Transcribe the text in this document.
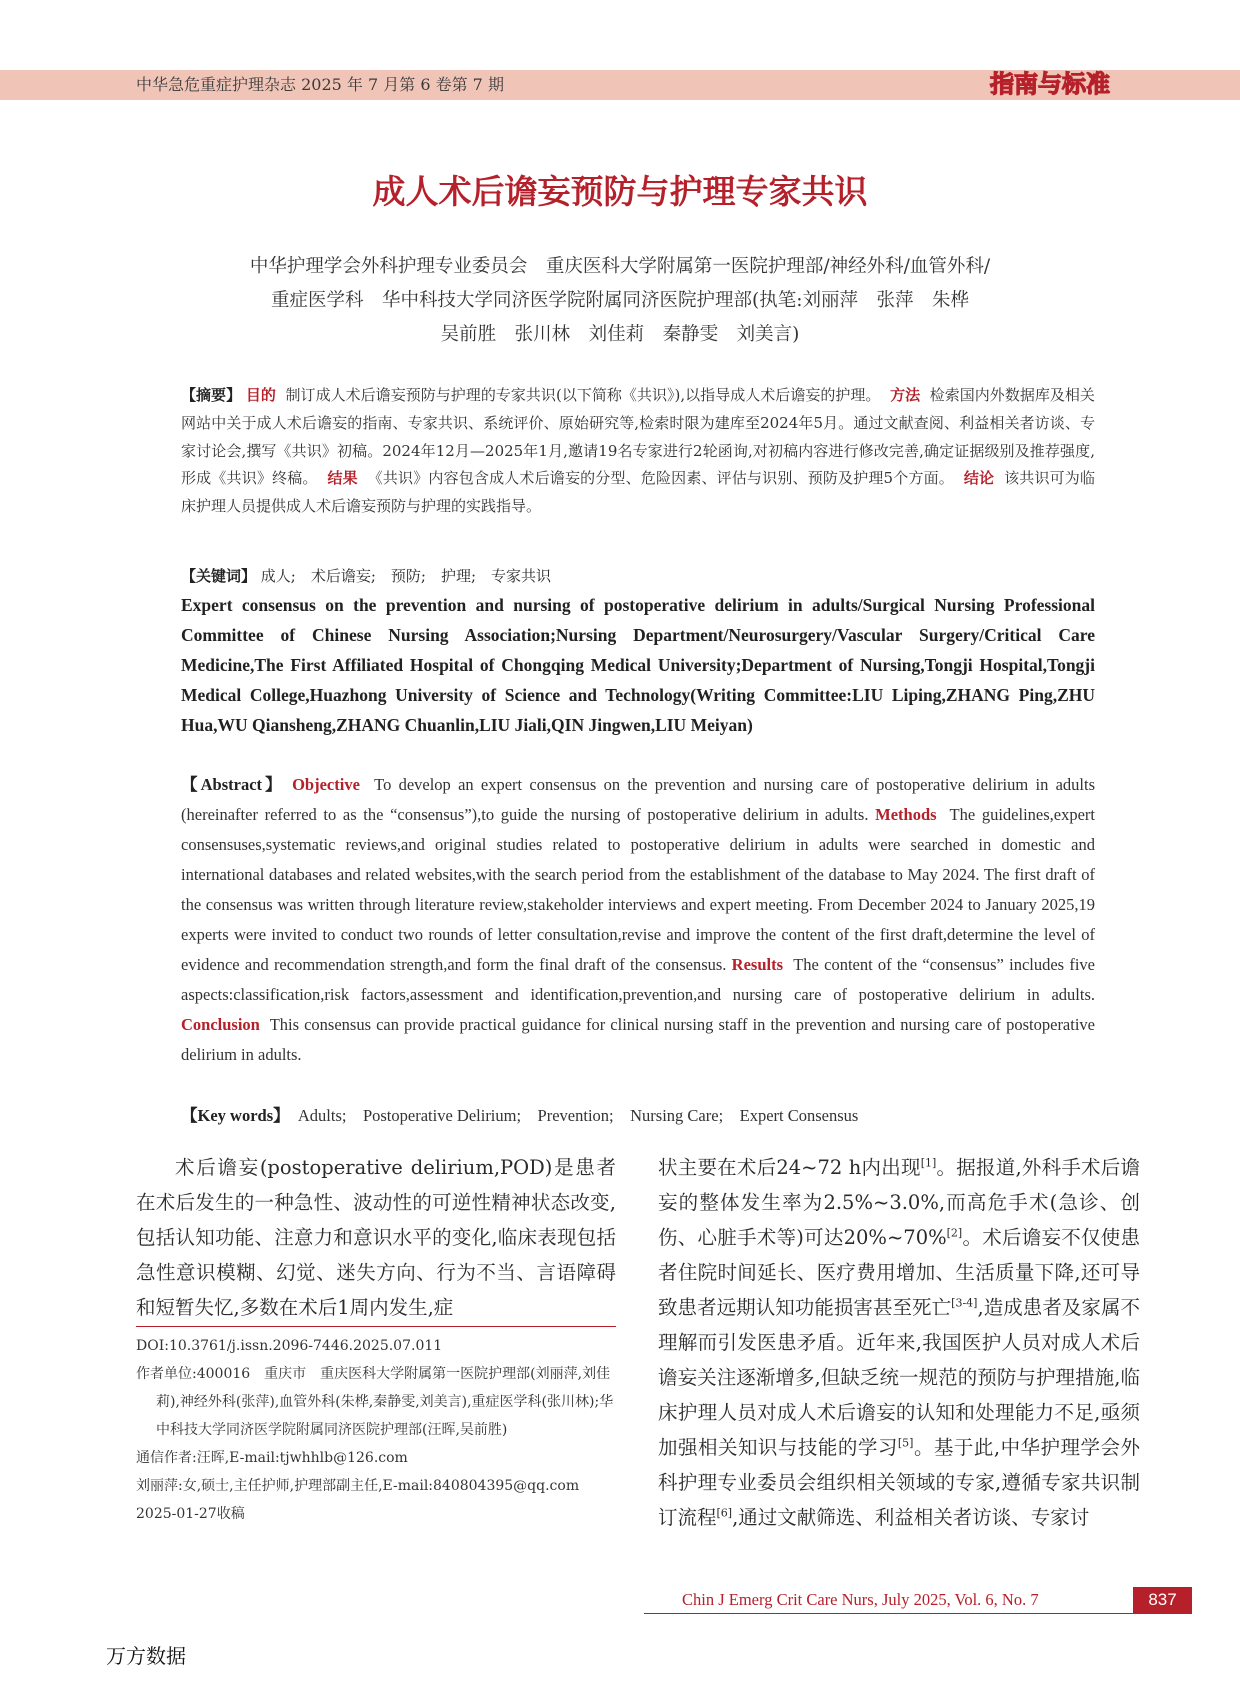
中华急危重症护理杂志 2025 年 7 月第 6 卷第 7 期	指南与标准
成人术后谵妄预防与护理专家共识
中华护理学会外科护理专业委员会　重庆医科大学附属第一医院护理部/神经外科/血管外科/
重症医学科　华中科技大学同济医学院附属同济医院护理部(执笔:刘丽萍　张萍　朱桦
吴前胜　张川林　刘佳莉　秦静雯　刘美言)
【摘要】 目的 制订成人术后谵妄预防与护理的专家共识(以下简称《共识》),以指导成人术后谵妄的护理。 方法 检索国内外数据库及相关网站中关于成人术后谵妄的指南、专家共识、系统评价、原始研究等,检索时限为建库至2024年5月。通过文献查阅、利益相关者访谈、专家讨论会,撰写《共识》初稿。2024年12月—2025年1月,邀请19名专家进行2轮函询,对初稿内容进行修改完善,确定证据级别及推荐强度,形成《共识》终稿。 结果 《共识》内容包含成人术后谵妄的分型、危险因素、评估与识别、预防及护理5个方面。 结论 该共识可为临床护理人员提供成人术后谵妄预防与护理的实践指导。
【关键词】 成人;　术后谵妄;　预防;　护理;　专家共识
Expert consensus on the prevention and nursing of postoperative delirium in adults/Surgical Nursing Professional Committee of Chinese Nursing Association;Nursing Department/Neurosurgery/Vascular Surgery/Critical Care Medicine,The First Affiliated Hospital of Chongqing Medical University;Department of Nursing,Tongji Hospital,Tongji Medical College,Huazhong University of Science and Technology(Writing Committee:LIU Liping,ZHANG Ping,ZHU Hua,WU Qiansheng,ZHANG Chuanlin,LIU Jiali,QIN Jingwen,LIU Meiyan)
【Abstract】 Objective To develop an expert consensus on the prevention and nursing care of postoperative delirium in adults (hereinafter referred to as the “consensus”),to guide the nursing of postoperative delirium in adults. Methods The guidelines,expert consensuses,systematic reviews,and original studies related to postoperative delirium in adults were searched in domestic and international databases and related websites,with the search period from the establishment of the database to May 2024. The first draft of the consensus was written through literature review,stakeholder interviews and expert meeting. From December 2024 to January 2025,19 experts were invited to conduct two rounds of letter consultation,revise and improve the content of the first draft,determine the level of evidence and recommendation strength,and form the final draft of the consensus. Results The content of the “consensus” includes five aspects:classification,risk factors,assessment and identification,prevention,and nursing care of postoperative delirium in adults. Conclusion This consensus can provide practical guidance for clinical nursing staff in the prevention and nursing care of postoperative delirium in adults.
【Key words】 Adults;　Postoperative Delirium;　Prevention;　Nursing Care;　Expert Consensus
术后谵妄(postoperative delirium,POD)是患者在术后发生的一种急性、波动性的可逆性精神状态改变,包括认知功能、注意力和意识水平的变化,临床表现包括急性意识模糊、幻觉、迷失方向、行为不当、言语障碍和短暂失忆,多数在术后1周内发生,症
状主要在术后24~72 h内出现[1]。据报道,外科手术后谵妄的整体发生率为2.5%~3.0%,而高危手术(急诊、创伤、心脏手术等)可达20%~70%[2]。术后谵妄不仅使患者住院时间延长、医疗费用增加、生活质量下降,还可导致患者远期认知功能损害甚至死亡[3-4],造成患者及家属不理解而引发医患矛盾。近年来,我国医护人员对成人术后谵妄关注逐渐增多,但缺乏统一规范的预防与护理措施,临床护理人员对成人术后谵妄的认知和处理能力不足,亟须加强相关知识与技能的学习[5]。基于此,中华护理学会外科护理专业委员会组织相关领域的专家,遵循专家共识制订流程[6],通过文献筛选、利益相关者访谈、专家讨
DOI:10.3761/j.issn.2096-7446.2025.07.011
作者单位:400016　重庆市　重庆医科大学附属第一医院护理部(刘丽萍,刘佳莉),神经外科(张萍),血管外科(朱桦,秦静雯,刘美言),重症医学科(张川林);华中科技大学同济医学院附属同济医院护理部(汪晖,吴前胜)
通信作者:汪晖,E-mail:tjwhhlb@126.com
刘丽萍:女,硕士,主任护师,护理部副主任,E-mail:840804395@qq.com
2025-01-27收稿
Chin J Emerg Crit Care Nurs, July 2025, Vol. 6, No. 7	837
万方数据
